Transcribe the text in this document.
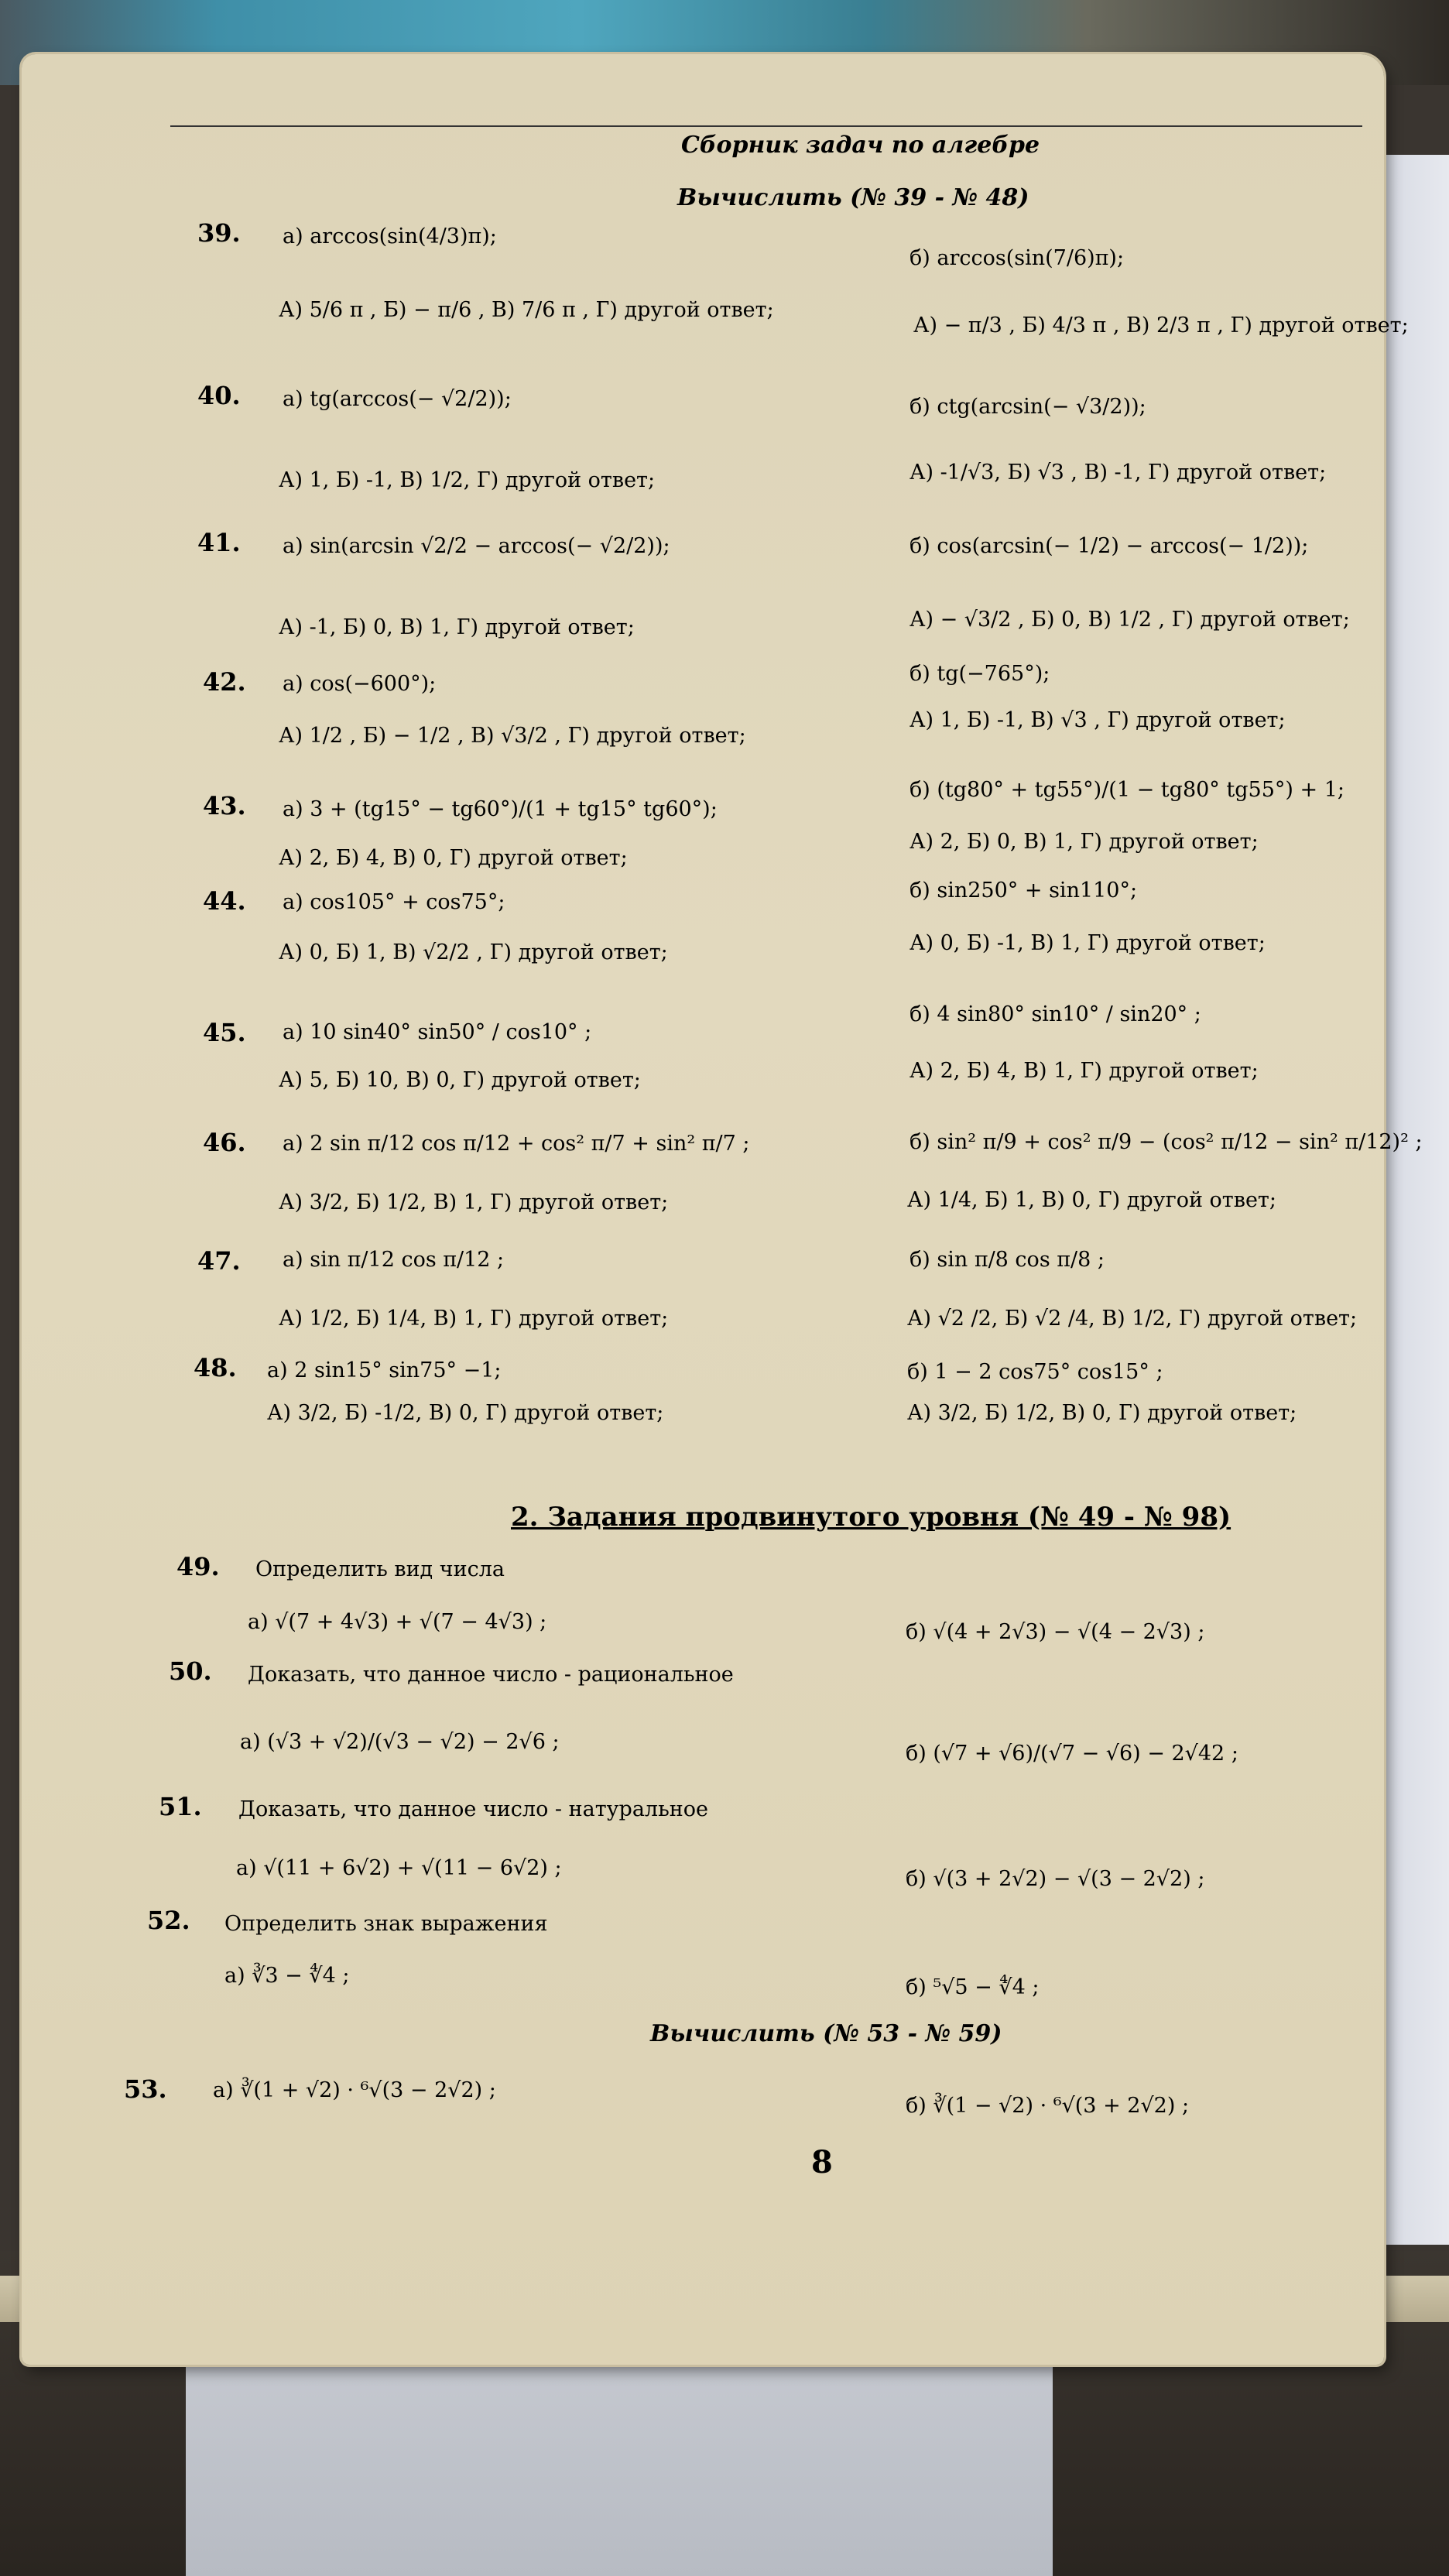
Сборник задач по алгебре
Вычислить (№ 39 - № 48)
39. а) arccos(sin(4/3)π);
А) 5/6 π , Б) − π/6 , В) 7/6 π , Г) другой ответ;
б) arccos(sin(7/6)π);
А) − π/3 , Б) 4/3 π , В) 2/3 π , Г) другой ответ;
40. а) tg(arccos(− √2/2));
А) 1, Б) -1, В) 1/2, Г) другой ответ;
б) ctg(arcsin(− √3/2));
А) -1/√3, Б) √3 , В) -1, Г) другой ответ;
41. а) sin(arcsin √2/2 − arccos(− √2/2));
А) -1, Б) 0, В) 1, Г) другой ответ;
б) cos(arcsin(− 1/2) − arccos(− 1/2));
А) − √3/2 , Б) 0, В) 1/2 , Г) другой ответ;
42. а) cos(−600°);
А) 1/2 , Б) − 1/2 , В) √3/2 , Г) другой ответ;
б) tg(−765°);
А) 1, Б) -1, В) √3 , Г) другой ответ;
43. а) 3 + (tg15° − tg60°)/(1 + tg15° tg60°);
А) 2, Б) 4, В) 0, Г) другой ответ;
б) (tg80° + tg55°)/(1 − tg80° tg55°) + 1;
А) 2, Б) 0, В) 1, Г) другой ответ;
44. а) cos105° + cos75°;
А) 0, Б) 1, В) √2/2 , Г) другой ответ;
б) sin250° + sin110°;
А) 0, Б) -1, В) 1, Г) другой ответ;
45. а) 10 sin40° sin50° / cos10° ;
А) 5, Б) 10, В) 0, Г) другой ответ;
б) 4 sin80° sin10° / sin20° ;
А) 2, Б) 4, В) 1, Г) другой ответ;
46. а) 2 sin π/12 cos π/12 + cos² π/7 + sin² π/7 ;
А) 3/2, Б) 1/2, В) 1, Г) другой ответ;
б) sin² π/9 + cos² π/9 − (cos² π/12 − sin² π/12)² ;
А) 1/4, Б) 1, В) 0, Г) другой ответ;
47. а) sin π/12 cos π/12 ;
А) 1/2, Б) 1/4, В) 1, Г) другой ответ;
б) sin π/8 cos π/8 ;
А) √2 /2, Б) √2 /4, В) 1/2, Г) другой ответ;
48. а) 2 sin15° sin75° −1;
А) 3/2, Б) -1/2, В) 0, Г) другой ответ;
б) 1 − 2 cos75° cos15° ;
А) 3/2, Б) 1/2, В) 0, Г) другой ответ;
2. Задания продвинутого уровня (№ 49 - № 98)
49. Определить вид числа
а) √(7 + 4√3) + √(7 − 4√3) ;	б) √(4 + 2√3) − √(4 − 2√3) ;
50. Доказать, что данное число - рациональное
а) (√3 + √2)/(√3 − √2) − 2√6 ;	б) (√7 + √6)/(√7 − √6) − 2√42 ;
51. Доказать, что данное число - натуральное
а) √(11 + 6√2) + √(11 − 6√2) ;	б) √(3 + 2√2) − √(3 − 2√2) ;
52. Определить знак выражения
а) ∛3 − ∜4 ;	б) ⁵√5 − ∜4 ;
Вычислить (№ 53 - № 59)
53. а) ∛(1 + √2) · ⁶√(3 − 2√2) ;
б) ∛(1 − √2) · ⁶√(3 + 2√2) ;
8
